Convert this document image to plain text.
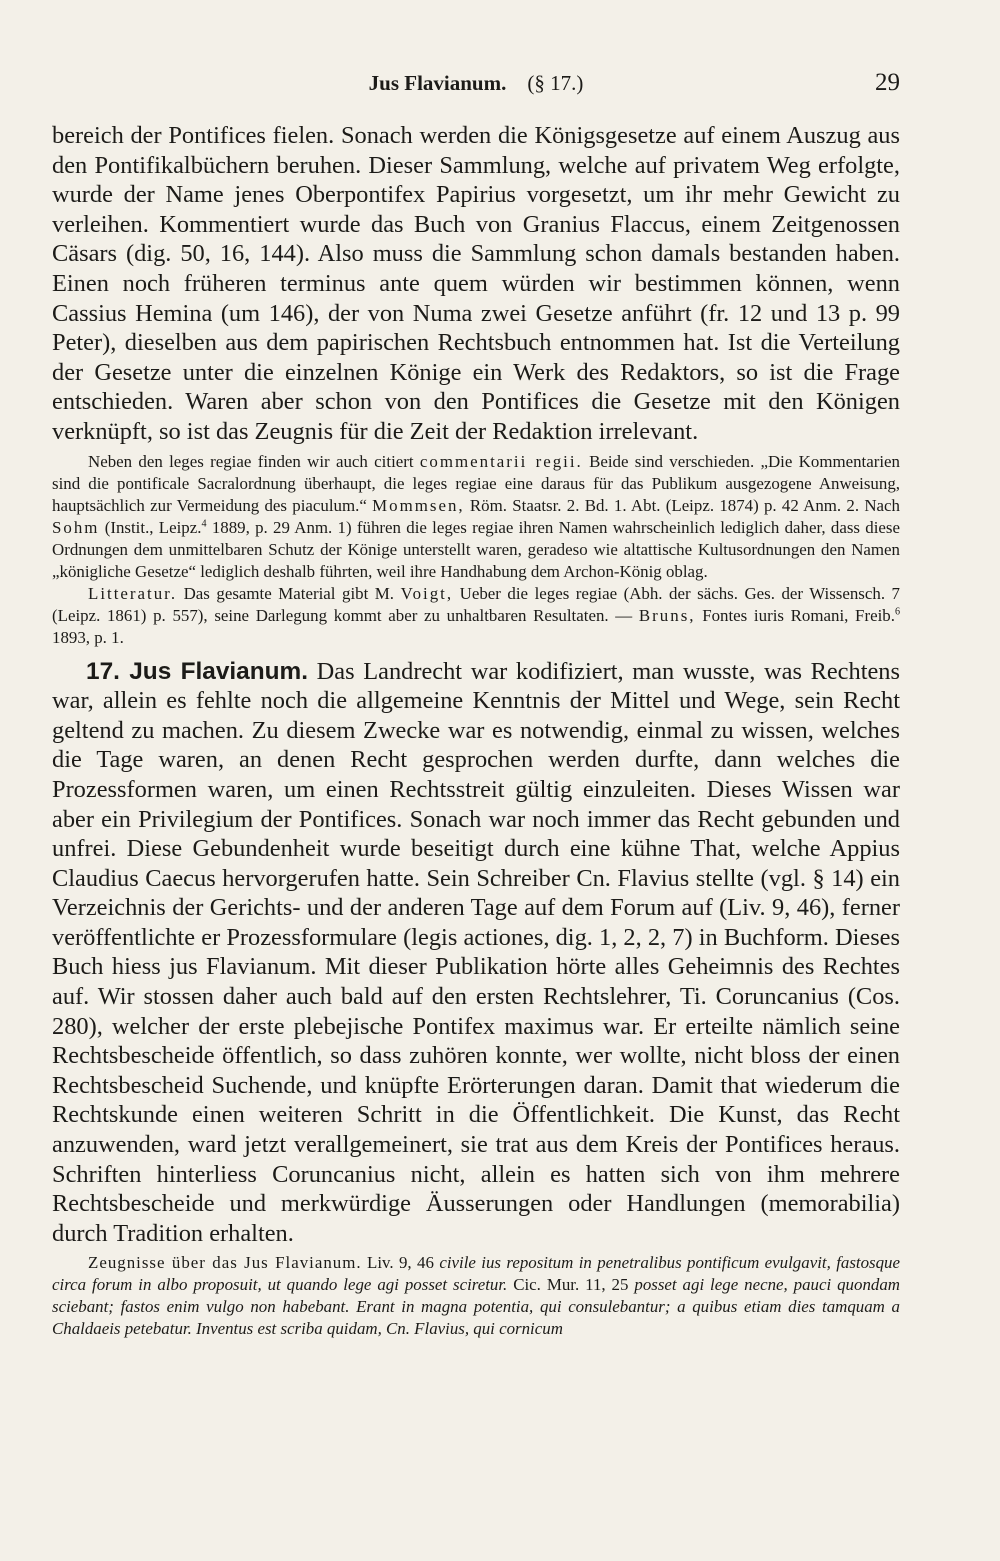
Jus Flavianum. (§ 17.)	29

bereich der Pontifices fielen. Sonach werden die Königsgesetze auf einem Auszug aus den Pontifikalbüchern beruhen. Dieser Sammlung, welche auf privatem Weg erfolgte, wurde der Name jenes Oberpontifex Papirius vorgesetzt, um ihr mehr Gewicht zu verleihen. Kommentiert wurde das Buch von Granius Flaccus, einem Zeitgenossen Cäsars (dig. 50, 16, 144). Also muss die Sammlung schon damals bestanden haben. Einen noch früheren terminus ante quem würden wir bestimmen können, wenn Cassius Hemina (um 146), der von Numa zwei Gesetze anführt (fr. 12 und 13 p. 99 Peter), dieselben aus dem papirischen Rechtsbuch entnommen hat. Ist die Verteilung der Gesetze unter die einzelnen Könige ein Werk des Redaktors, so ist die Frage entschieden. Waren aber schon von den Pontifices die Gesetze mit den Königen verknüpft, so ist das Zeugnis für die Zeit der Redaktion irrelevant.

Neben den leges regiae finden wir auch citiert commentarii regii. Beide sind verschieden. „Die Kommentarien sind die pontificale Sacralordnung überhaupt, die leges regiae eine daraus für das Publikum ausgezogene Anweisung, hauptsächlich zur Vermeidung des piaculum.“ Mommsen, Röm. Staatsr. 2. Bd. 1. Abt. (Leipz. 1874) p. 42 Anm. 2. Nach Sohm (Instit., Leipz.$^4$ 1889, p. 29 Anm. 1) führen die leges regiae ihren Namen wahrscheinlich lediglich daher, dass diese Ordnungen dem unmittelbaren Schutz der Könige unterstellt waren, geradeso wie altattische Kultusordnungen den Namen „königliche Gesetze“ lediglich deshalb führten, weil ihre Handhabung dem Archon-König oblag.

Litteratur. Das gesamte Material gibt M. Voigt, Ueber die leges regiae (Abh. der sächs. Ges. der Wissensch. 7 (Leipz. 1861) p. 557), seine Darlegung kommt aber zu unhaltbaren Resultaten. — Bruns, Fontes iuris Romani, Freib.$^6$ 1893, p. 1.

17. Jus Flavianum. Das Landrecht war kodifiziert, man wusste, was Rechtens war, allein es fehlte noch die allgemeine Kenntnis der Mittel und Wege, sein Recht geltend zu machen. Zu diesem Zwecke war es notwendig, einmal zu wissen, welches die Tage waren, an denen Recht gesprochen werden durfte, dann welches die Prozessformen waren, um einen Rechtsstreit gültig einzuleiten. Dieses Wissen war aber ein Privilegium der Pontifices. Sonach war noch immer das Recht gebunden und unfrei. Diese Gebundenheit wurde beseitigt durch eine kühne That, welche Appius Claudius Caecus hervorgerufen hatte. Sein Schreiber Cn. Flavius stellte (vgl. § 14) ein Verzeichnis der Gerichts- und der anderen Tage auf dem Forum auf (Liv. 9, 46), ferner veröffentlichte er Prozessformulare (legis actiones, dig. 1, 2, 2, 7) in Buchform. Dieses Buch hiess jus Flavianum. Mit dieser Publikation hörte alles Geheimnis des Rechtes auf. Wir stossen daher auch bald auf den ersten Rechtslehrer, Ti. Coruncanius (Cos. 280), welcher der erste plebejische Pontifex maximus war. Er erteilte nämlich seine Rechtsbescheide öffentlich, so dass zuhören konnte, wer wollte, nicht bloss der einen Rechtsbescheid Suchende, und knüpfte Erörterungen daran. Damit that wiederum die Rechtskunde einen weiteren Schritt in die Öffentlichkeit. Die Kunst, das Recht anzuwenden, ward jetzt verallgemeinert, sie trat aus dem Kreis der Pontifices heraus. Schriften hinterliess Coruncanius nicht, allein es hatten sich von ihm mehrere Rechtsbescheide und merkwürdige Äusserungen oder Handlungen (memorabilia) durch Tradition erhalten.

Zeugnisse über das Jus Flavianum. Liv. 9, 46 civile ius repositum in penetralibus pontificum evulgavit, fastosque circa forum in albo proposuit, ut quando lege agi posset sciretur. Cic. Mur. 11, 25 posset agi lege necne, pauci quondam sciebant; fastos enim vulgo non habebant. Erant in magna potentia, qui consulebantur; a quibus etiam dies tamquam a Chaldaeis petebatur. Inventus est scriba quidam, Cn. Flavius, qui cornicum
